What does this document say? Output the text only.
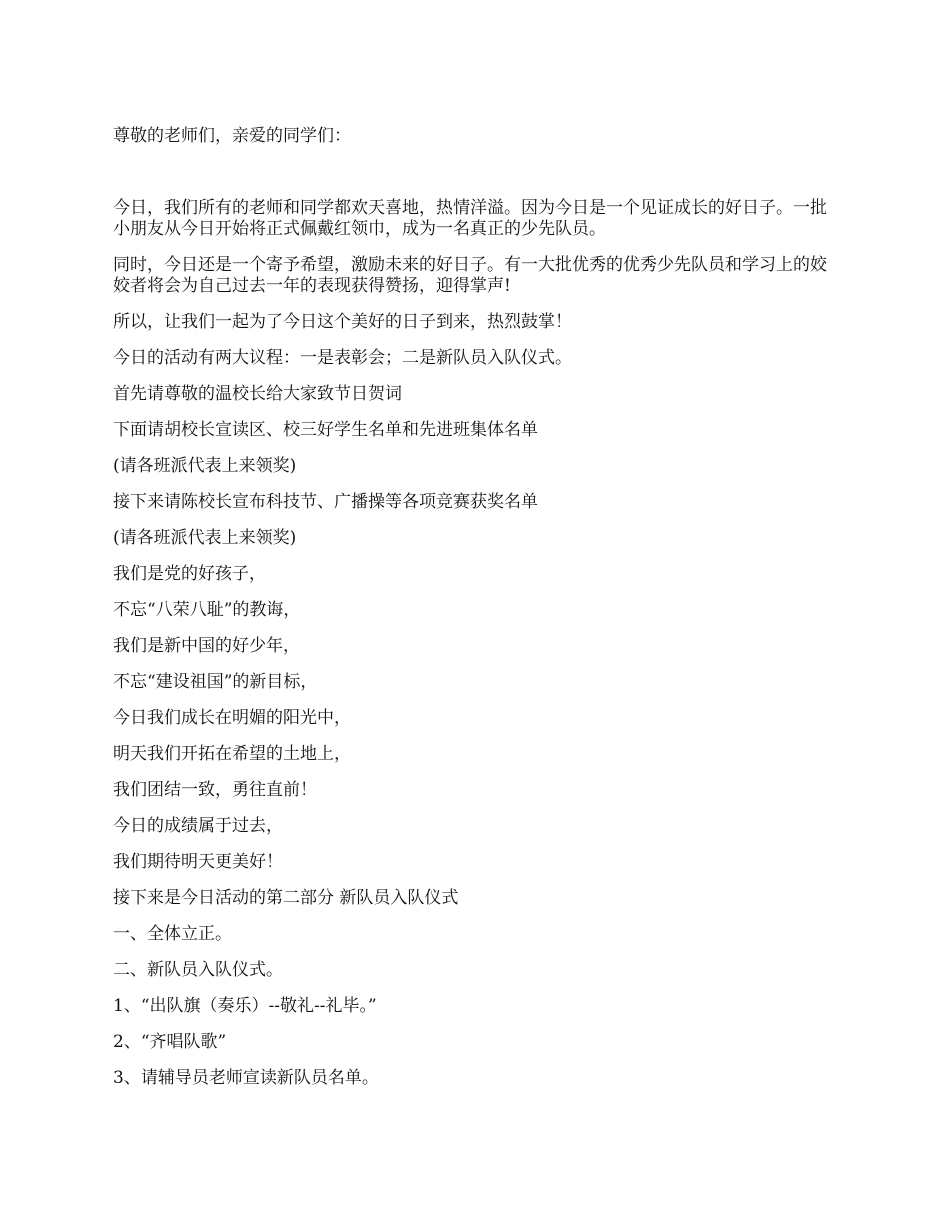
尊敬的老师们，亲爱的同学们：

今日，我们所有的老师和同学都欢天喜地，热情洋溢。因为今日是一个见证成长的好日子。一批小朋友从今日开始将正式佩戴红领巾，成为一名真正的少先队员。

同时，今日还是一个寄予希望，激励未来的好日子。有一大批优秀的优秀少先队员和学习上的姣姣者将会为自己过去一年的表现获得赞扬，迎得掌声!

所以，让我们一起为了今日这个美好的日子到来，热烈鼓掌！

今日的活动有两大议程：一是表彰会；二是新队员入队仪式。

首先请尊敬的温校长给大家致节日贺词

下面请胡校长宣读区、校三好学生名单和先进班集体名单

(请各班派代表上来领奖)

接下来请陈校长宣布科技节、广播操等各项竞赛获奖名单

(请各班派代表上来领奖)

我们是党的好孩子，

不忘“八荣八耻”的教诲，

我们是新中国的好少年，

不忘“建设祖国”的新目标，

今日我们成长在明媚的阳光中，

明天我们开拓在希望的土地上，

我们团结一致，勇往直前！

今日的成绩属于过去，

我们期待明天更美好！

接下来是今日活动的第二部分 新队员入队仪式

一、全体立正。

二、新队员入队仪式。

1、“出队旗（奏乐）--敬礼--礼毕。”

2、“齐唱队歌”

3、请辅导员老师宣读新队员名单。
